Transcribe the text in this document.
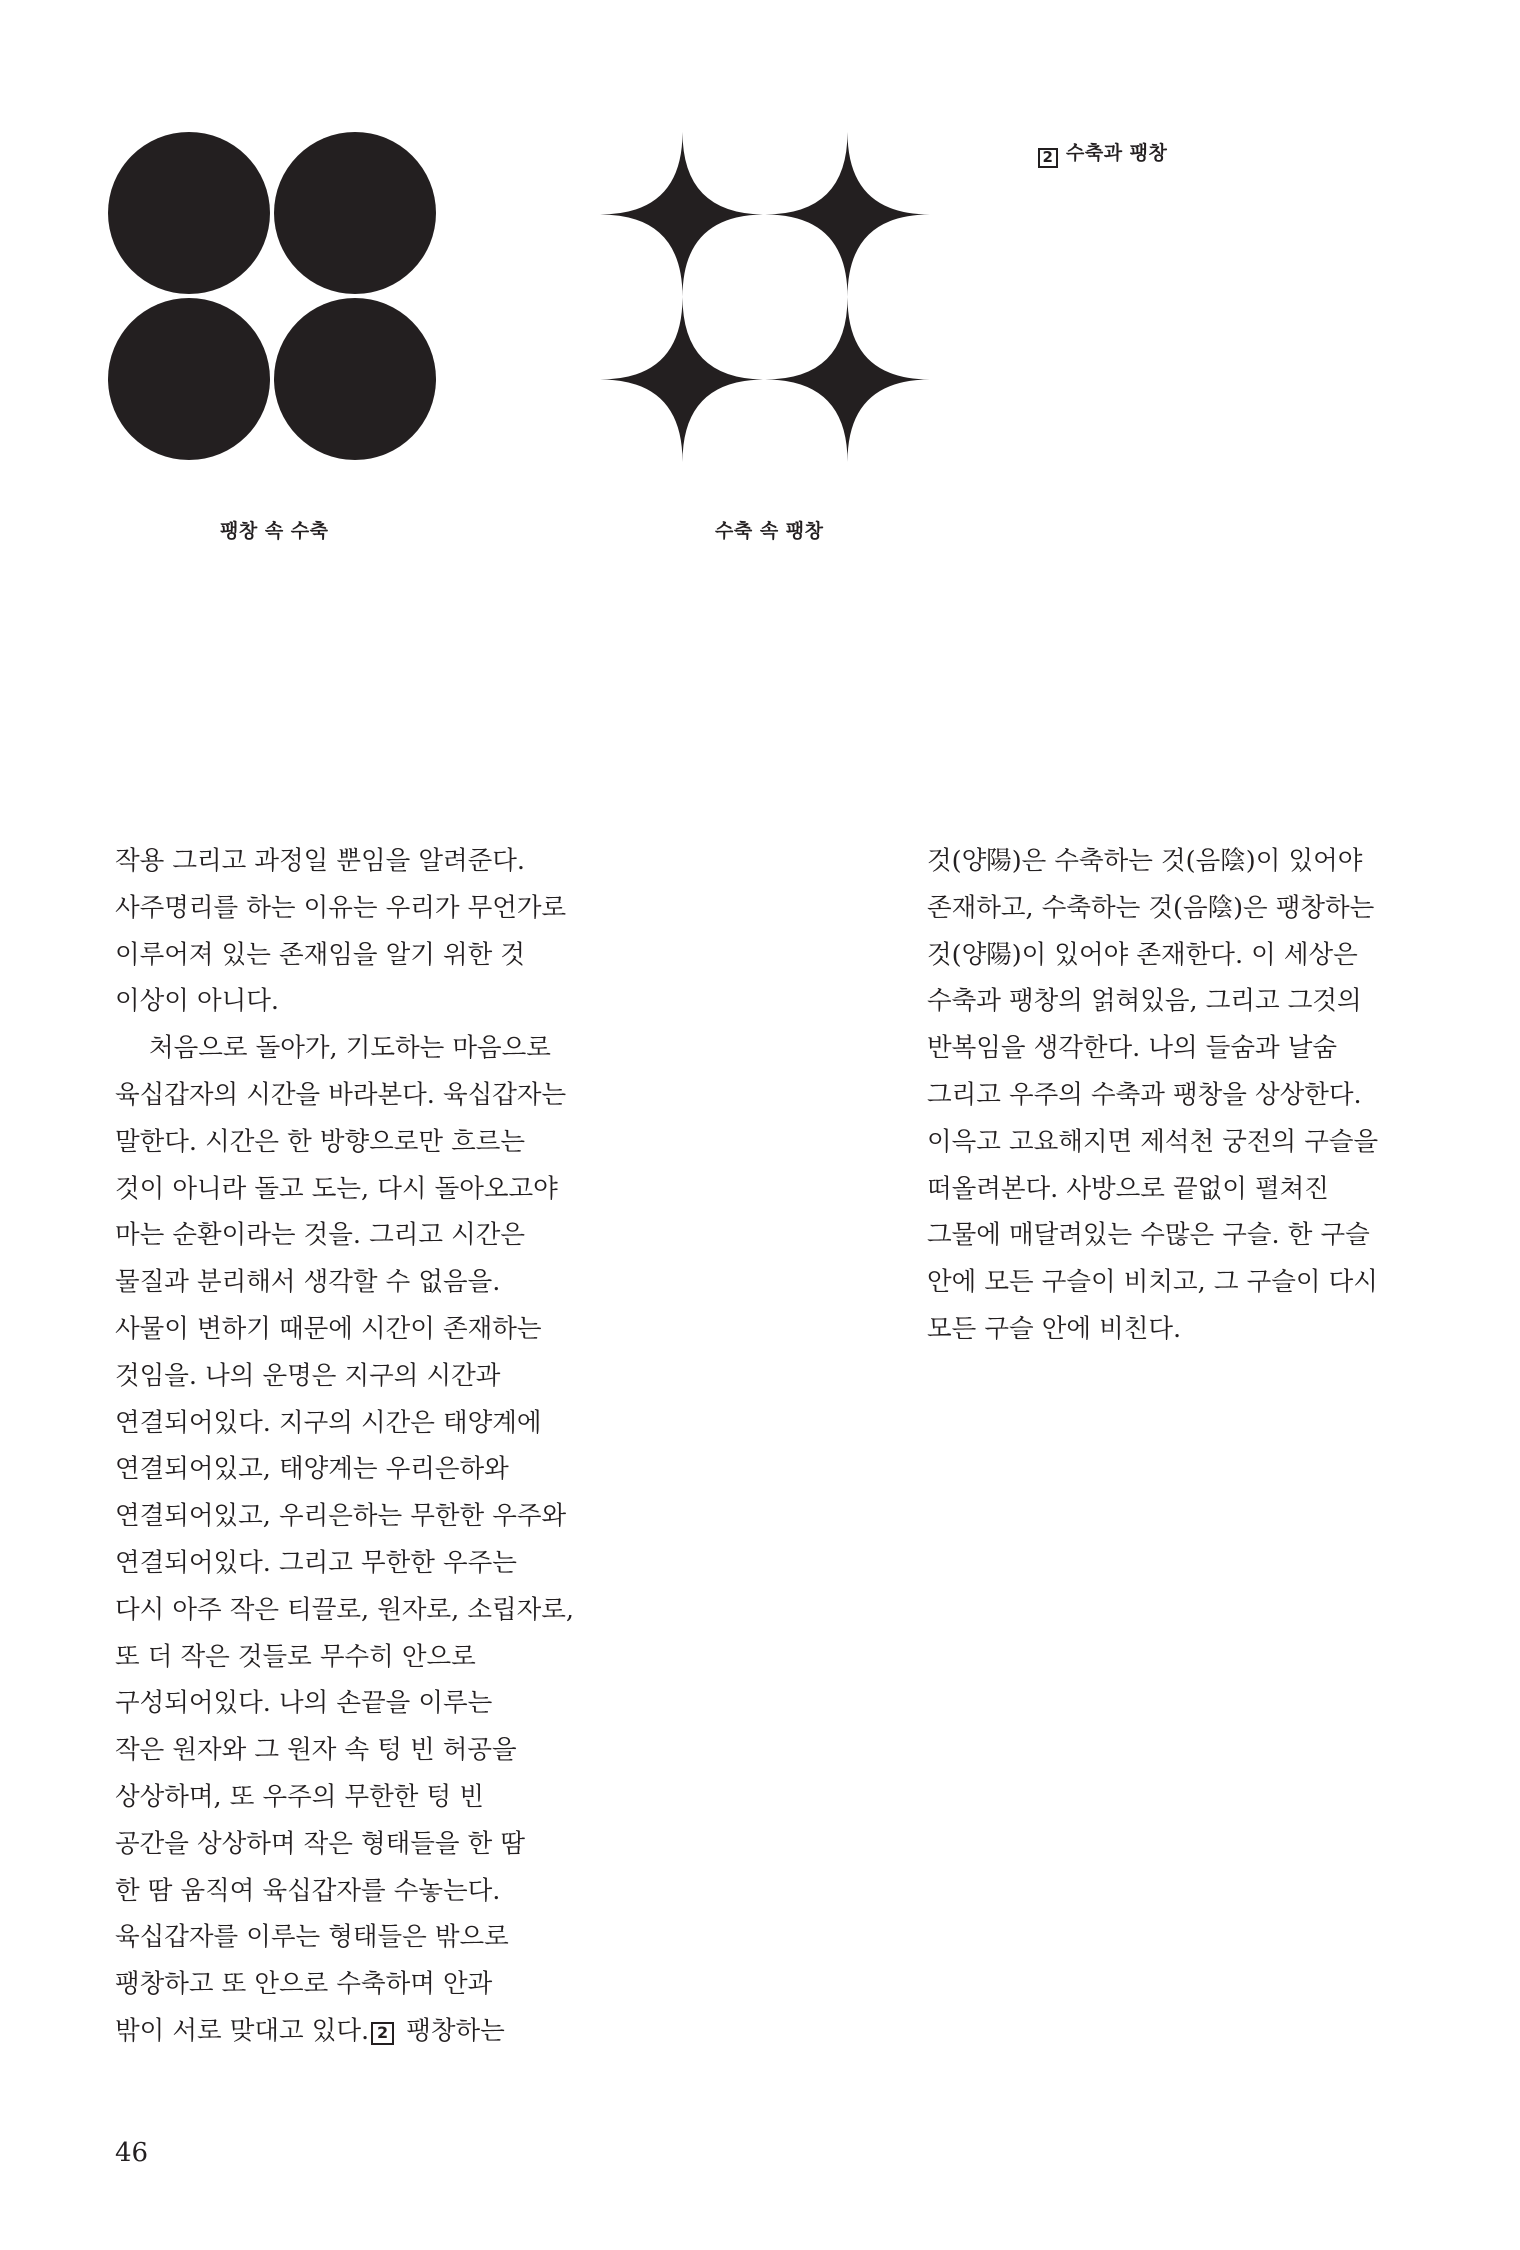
2 수축과 팽창
팽창 속 수축	수축 속 팽창

작용 그리고 과정일 뿐임을 알려준다.

사주명리를 하는 이유는 우리가 무언가로

이루어져 있는 존재임을 알기 위한 것

이상이 아니다.

처음으로 돌아가, 기도하는 마음으로

육십갑자의 시간을 바라본다. 육십갑자는

말한다. 시간은 한 방향으로만 흐르는

것이 아니라 돌고 도는, 다시 돌아오고야

마는 순환이라는 것을. 그리고 시간은

물질과 분리해서 생각할 수 없음을.

사물이 변하기 때문에 시간이 존재하는

것임을. 나의 운명은 지구의 시간과

연결되어있다. 지구의 시간은 태양계에

연결되어있고, 태양계는 우리은하와

연결되어있고, 우리은하는 무한한 우주와

연결되어있다. 그리고 무한한 우주는

다시 아주 작은 티끌로, 원자로, 소립자로,

또 더 작은 것들로 무수히 안으로

구성되어있다. 나의 손끝을 이루는

작은 원자와 그 원자 속 텅 빈 허공을

상상하며, 또 우주의 무한한 텅 빈

공간을 상상하며 작은 형태들을 한 땀

한 땀 움직여 육십갑자를 수놓는다.

육십갑자를 이루는 형태들은 밖으로

팽창하고 또 안으로 수축하며 안과

밖이 서로 맞대고 있다. 2 팽창하는

것(양陽)은 수축하는 것(음陰)이 있어야

존재하고, 수축하는 것(음陰)은 팽창하는

것(양陽)이 있어야 존재한다. 이 세상은

수축과 팽창의 얽혀있음, 그리고 그것의

반복임을 생각한다. 나의 들숨과 날숨

그리고 우주의 수축과 팽창을 상상한다.

이윽고 고요해지면 제석천 궁전의 구슬을

떠올려본다. 사방으로 끝없이 펼쳐진

그물에 매달려있는 수많은 구슬. 한 구슬

안에 모든 구슬이 비치고, 그 구슬이 다시

모든 구슬 안에 비친다.

46
